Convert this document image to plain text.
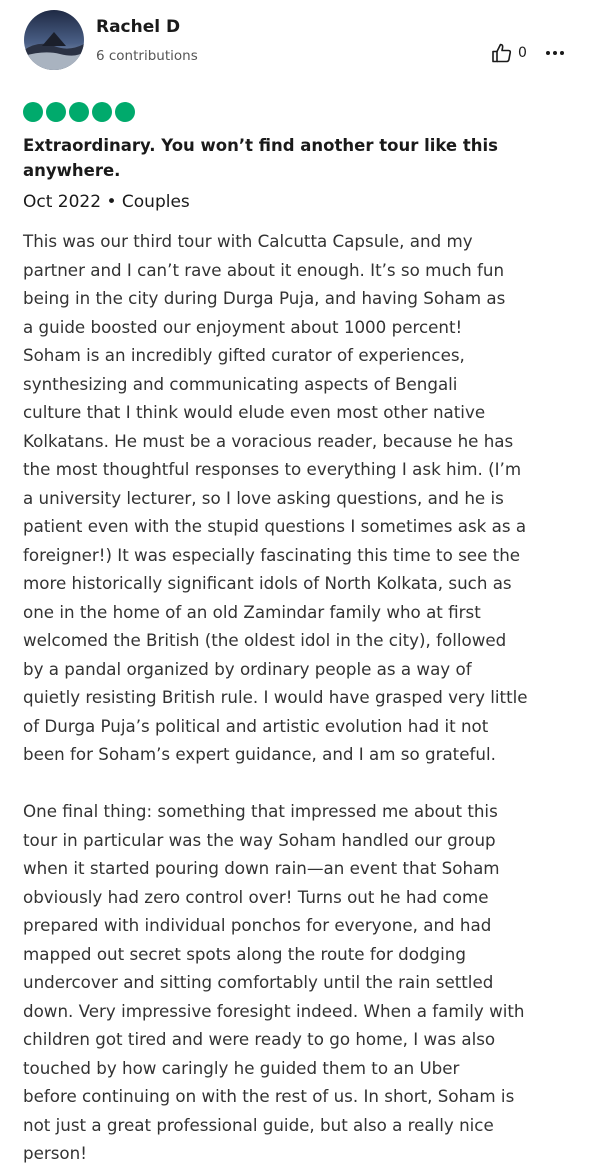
Rachel D
6 contributions	0
Extraordinary. You won’t find another tour like this
anywhere.
Oct 2022 • Couples
This was our third tour with Calcutta Capsule, and my
partner and I can’t rave about it enough. It’s so much fun
being in the city during Durga Puja, and having Soham as
a guide boosted our enjoyment about 1000 percent!
Soham is an incredibly gifted curator of experiences,
synthesizing and communicating aspects of Bengali
culture that I think would elude even most other native
Kolkatans. He must be a voracious reader, because he has
the most thoughtful responses to everything I ask him. (I’m
a university lecturer, so I love asking questions, and he is
patient even with the stupid questions I sometimes ask as a
foreigner!) It was especially fascinating this time to see the
more historically significant idols of North Kolkata, such as
one in the home of an old Zamindar family who at first
welcomed the British (the oldest idol in the city), followed
by a pandal organized by ordinary people as a way of
quietly resisting British rule. I would have grasped very little
of Durga Puja’s political and artistic evolution had it not
been for Soham’s expert guidance, and I am so grateful.
One final thing: something that impressed me about this
tour in particular was the way Soham handled our group
when it started pouring down rain—an event that Soham
obviously had zero control over! Turns out he had come
prepared with individual ponchos for everyone, and had
mapped out secret spots along the route for dodging
undercover and sitting comfortably until the rain settled
down. Very impressive foresight indeed. When a family with
children got tired and were ready to go home, I was also
touched by how caringly he guided them to an Uber
before continuing on with the rest of us. In short, Soham is
not just a great professional guide, but also a really nice
person!
